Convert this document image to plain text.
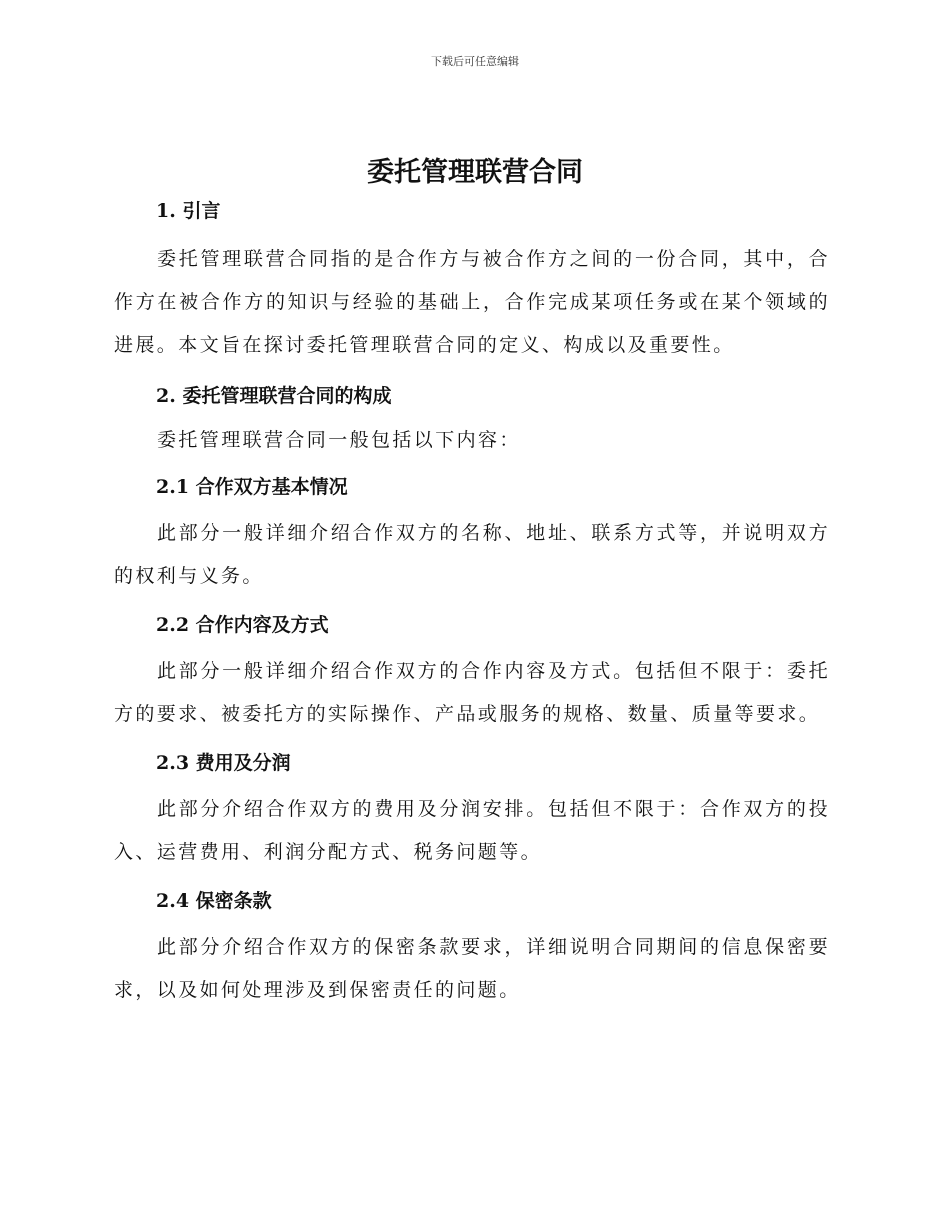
下载后可任意编辑
委托管理联营合同

1. 引言

委托管理联营合同指的是合作方与被合作方之间的一份合同，其中，合作方在被合作方的知识与经验的基础上，合作完成某项任务或在某个领域的进展。本文旨在探讨委托管理联营合同的定义、构成以及重要性。

2. 委托管理联营合同的构成

委托管理联营合同一般包括以下内容：

2.1 合作双方基本情况

此部分一般详细介绍合作双方的名称、地址、联系方式等，并说明双方的权利与义务。

2.2 合作内容及方式

此部分一般详细介绍合作双方的合作内容及方式。包括但不限于：委托方的要求、被委托方的实际操作、产品或服务的规格、数量、质量等要求。

2.3 费用及分润

此部分介绍合作双方的费用及分润安排。包括但不限于：合作双方的投入、运营费用、利润分配方式、税务问题等。

2.4 保密条款

此部分介绍合作双方的保密条款要求，详细说明合同期间的信息保密要求，以及如何处理涉及到保密责任的问题。
